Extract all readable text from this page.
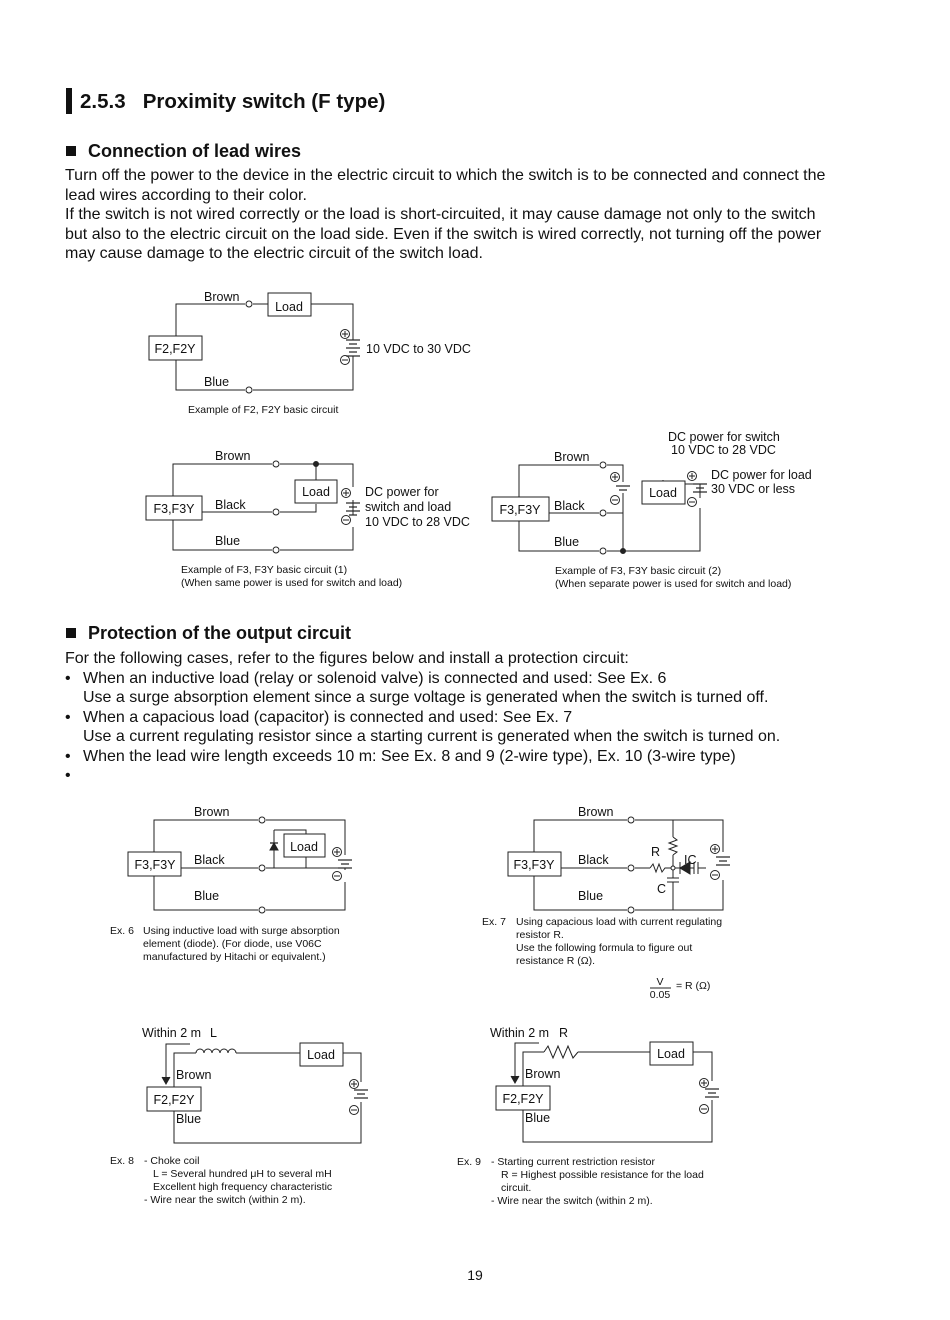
2.5.3 Proximity switch (F type)
Connection of lead wires
Turn off the power to the device in the electric circuit to which the switch is to be connected and connect the
lead wires according to their color.
If the switch is not wired correctly or the load is short-circuited, it may cause damage not only to the switch
but also to the electric circuit on the load side. Even if the switch is wired correctly, not turning off the power
may cause damage to the electric circuit of the switch load.
Protection of the output circuit
For the following cases, refer to the figures below and install a protection circuit:
• When an inductive load (relay or solenoid valve) is connected and used: See Ex. 6
Use a surge absorption element since a surge voltage is generated when the switch is turned off.
• When a capacious load (capacitor) is connected and used: See Ex. 7
Use a current regulating resistor since a starting current is generated when the switch is turned on.
• When the lead wire length exceeds 10 m: See Ex. 8 and 9 (2-wire type), Ex. 10 (3-wire type)
•
Brown
Load
F2,F2Y
Blue
10 VDC to 30 VDC
Example of F2, F2Y basic circuit
Brown
Black
Blue
F3,F3Y
Load	DC power for
switch and load
10 VDC to 28 VDC
Example of F3, F3Y basic circuit (1)
(When same power is used for switch and load)
Brown
Black
Blue
F3,F3Y
Load
DC power for switch
10 VDC to 28 VDC
DC power for load
30 VDC or less
Example of F3, F3Y basic circuit (2)
(When separate power is used for switch and load)
Brown
Black
Blue
F3,F3Y
Load
Ex. 6 Using inductive load with surge absorption
element (diode). (For diode, use V06C
manufactured by Hitachi or equivalent.)
Brown
Black
Blue
F3,F3Y
R
IC
C
Ex. 7 Using capacious load with current regulating
resistor R.
Use the following formula to figure out
resistance R (Ω).
V
0.05
= R (Ω)
Within 2 m L
Brown
F2,F2Y
Blue
Load
Ex. 8 - Choke coil
L = Several hundred μH to several mH
Excellent high frequency characteristic
- Wire near the switch (within 2 m).
Within 2 m R
Brown
F2,F2Y
Blue
Load
Ex. 9 - Starting current restriction resistor
R = Highest possible resistance for the load
circuit.
- Wire near the switch (within 2 m).
19
